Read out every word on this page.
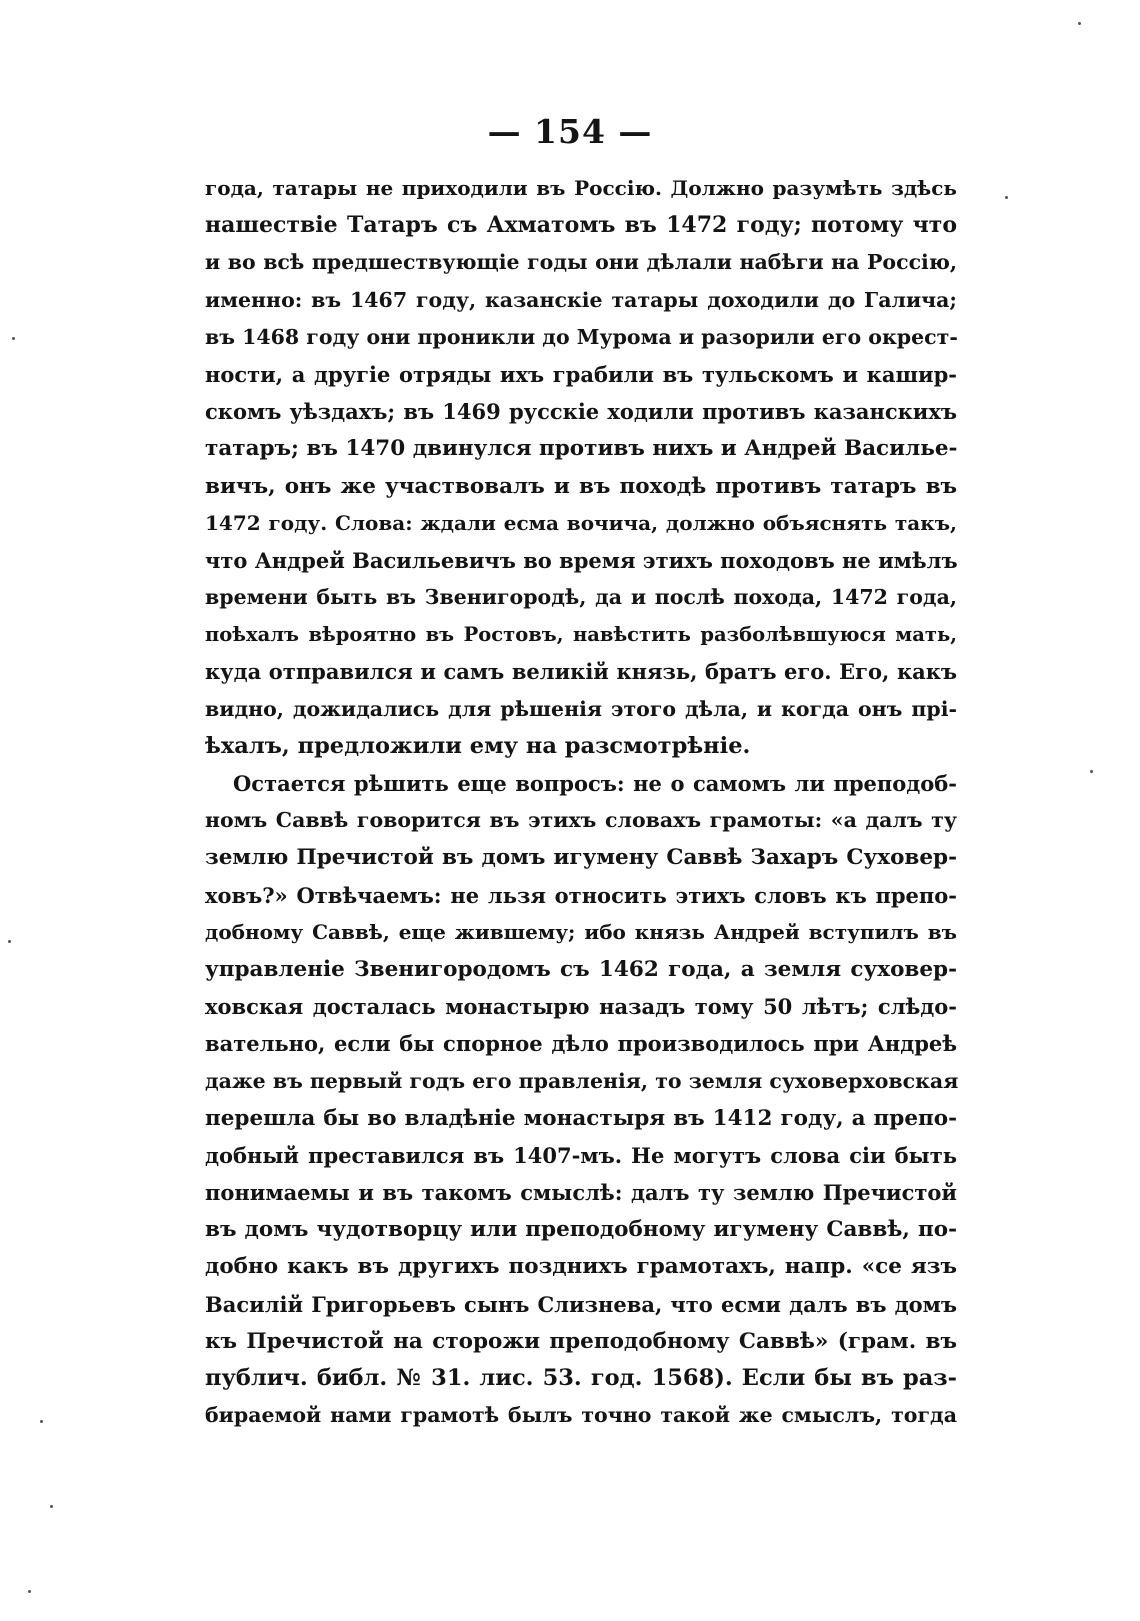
— 154 —
года, татары не приходили въ Россiю. Должно разумѣть здѣсь
нашествiе Татаръ съ Ахматомъ въ 1472 году; потому что
и во всѣ предшествующiе годы они дѣлали набѣги на Россiю,
именно: въ 1467 году, казанскiе татары доходили до Галича;
въ 1468 году они проникли до Мурома и разорили его окрест-
ности, а другiе отряды ихъ грабили въ тульскомъ и кашир-
скомъ уѣздахъ; въ 1469 русскiе ходили противъ казанскихъ
татаръ; въ 1470 двинулся противъ нихъ и Андрей Василье-
вичъ, онъ же участвовалъ и въ походѣ противъ татаръ въ
1472 году. Слова: ждали есма вочича, должно объяснять такъ,
что Андрей Васильевичъ во время этихъ походовъ не имѣлъ
времени быть въ Звенигородѣ, да и послѣ похода, 1472 года,
поѣхалъ вѣроятно въ Ростовъ, навѣстить разболѣвшуюся мать,
куда отправился и самъ великiй князь, братъ его. Его, какъ
видно, дожидались для рѣшенiя этого дѣла, и когда онъ прi-
ѣхалъ, предложили ему на разсмотрѣнiе.
Остается рѣшить еще вопросъ: не о самомъ ли преподоб-
номъ Саввѣ говорится въ этихъ словахъ грамоты: «а далъ ту
землю Пречистой въ домъ игумену Саввѣ Захаръ Суховер-
ховъ?» Отвѣчаемъ: не льзя относить этихъ словъ къ препо-
добному Саввѣ, еще жившему; ибо князь Андрей вступилъ въ
управленiе Звенигородомъ съ 1462 года, а земля суховер-
ховская досталась монастырю назадъ тому 50 лѣтъ; слѣдо-
вательно, если бы спорное дѣло производилось при Андреѣ
даже въ первый годъ его правленiя, то земля суховерховская
перешла бы во владѣнiе монастыря въ 1412 году, а препо-
добный преставился въ 1407-мъ. Не могутъ слова сiи быть
понимаемы и въ такомъ смыслѣ: далъ ту землю Пречистой
въ домъ чудотворцу или преподобному игумену Саввѣ, по-
добно какъ въ другихъ позднихъ грамотахъ, напр. «се язъ
Василiй Григорьевъ сынъ Слизнева, что есми далъ въ домъ
къ Пречистой на сторожи преподобному Саввѣ» (грам. въ
публич. библ. № 31. лис. 53. год. 1568). Если бы въ раз-
бираемой нами грамотѣ былъ точно такой же смыслъ, тогда
